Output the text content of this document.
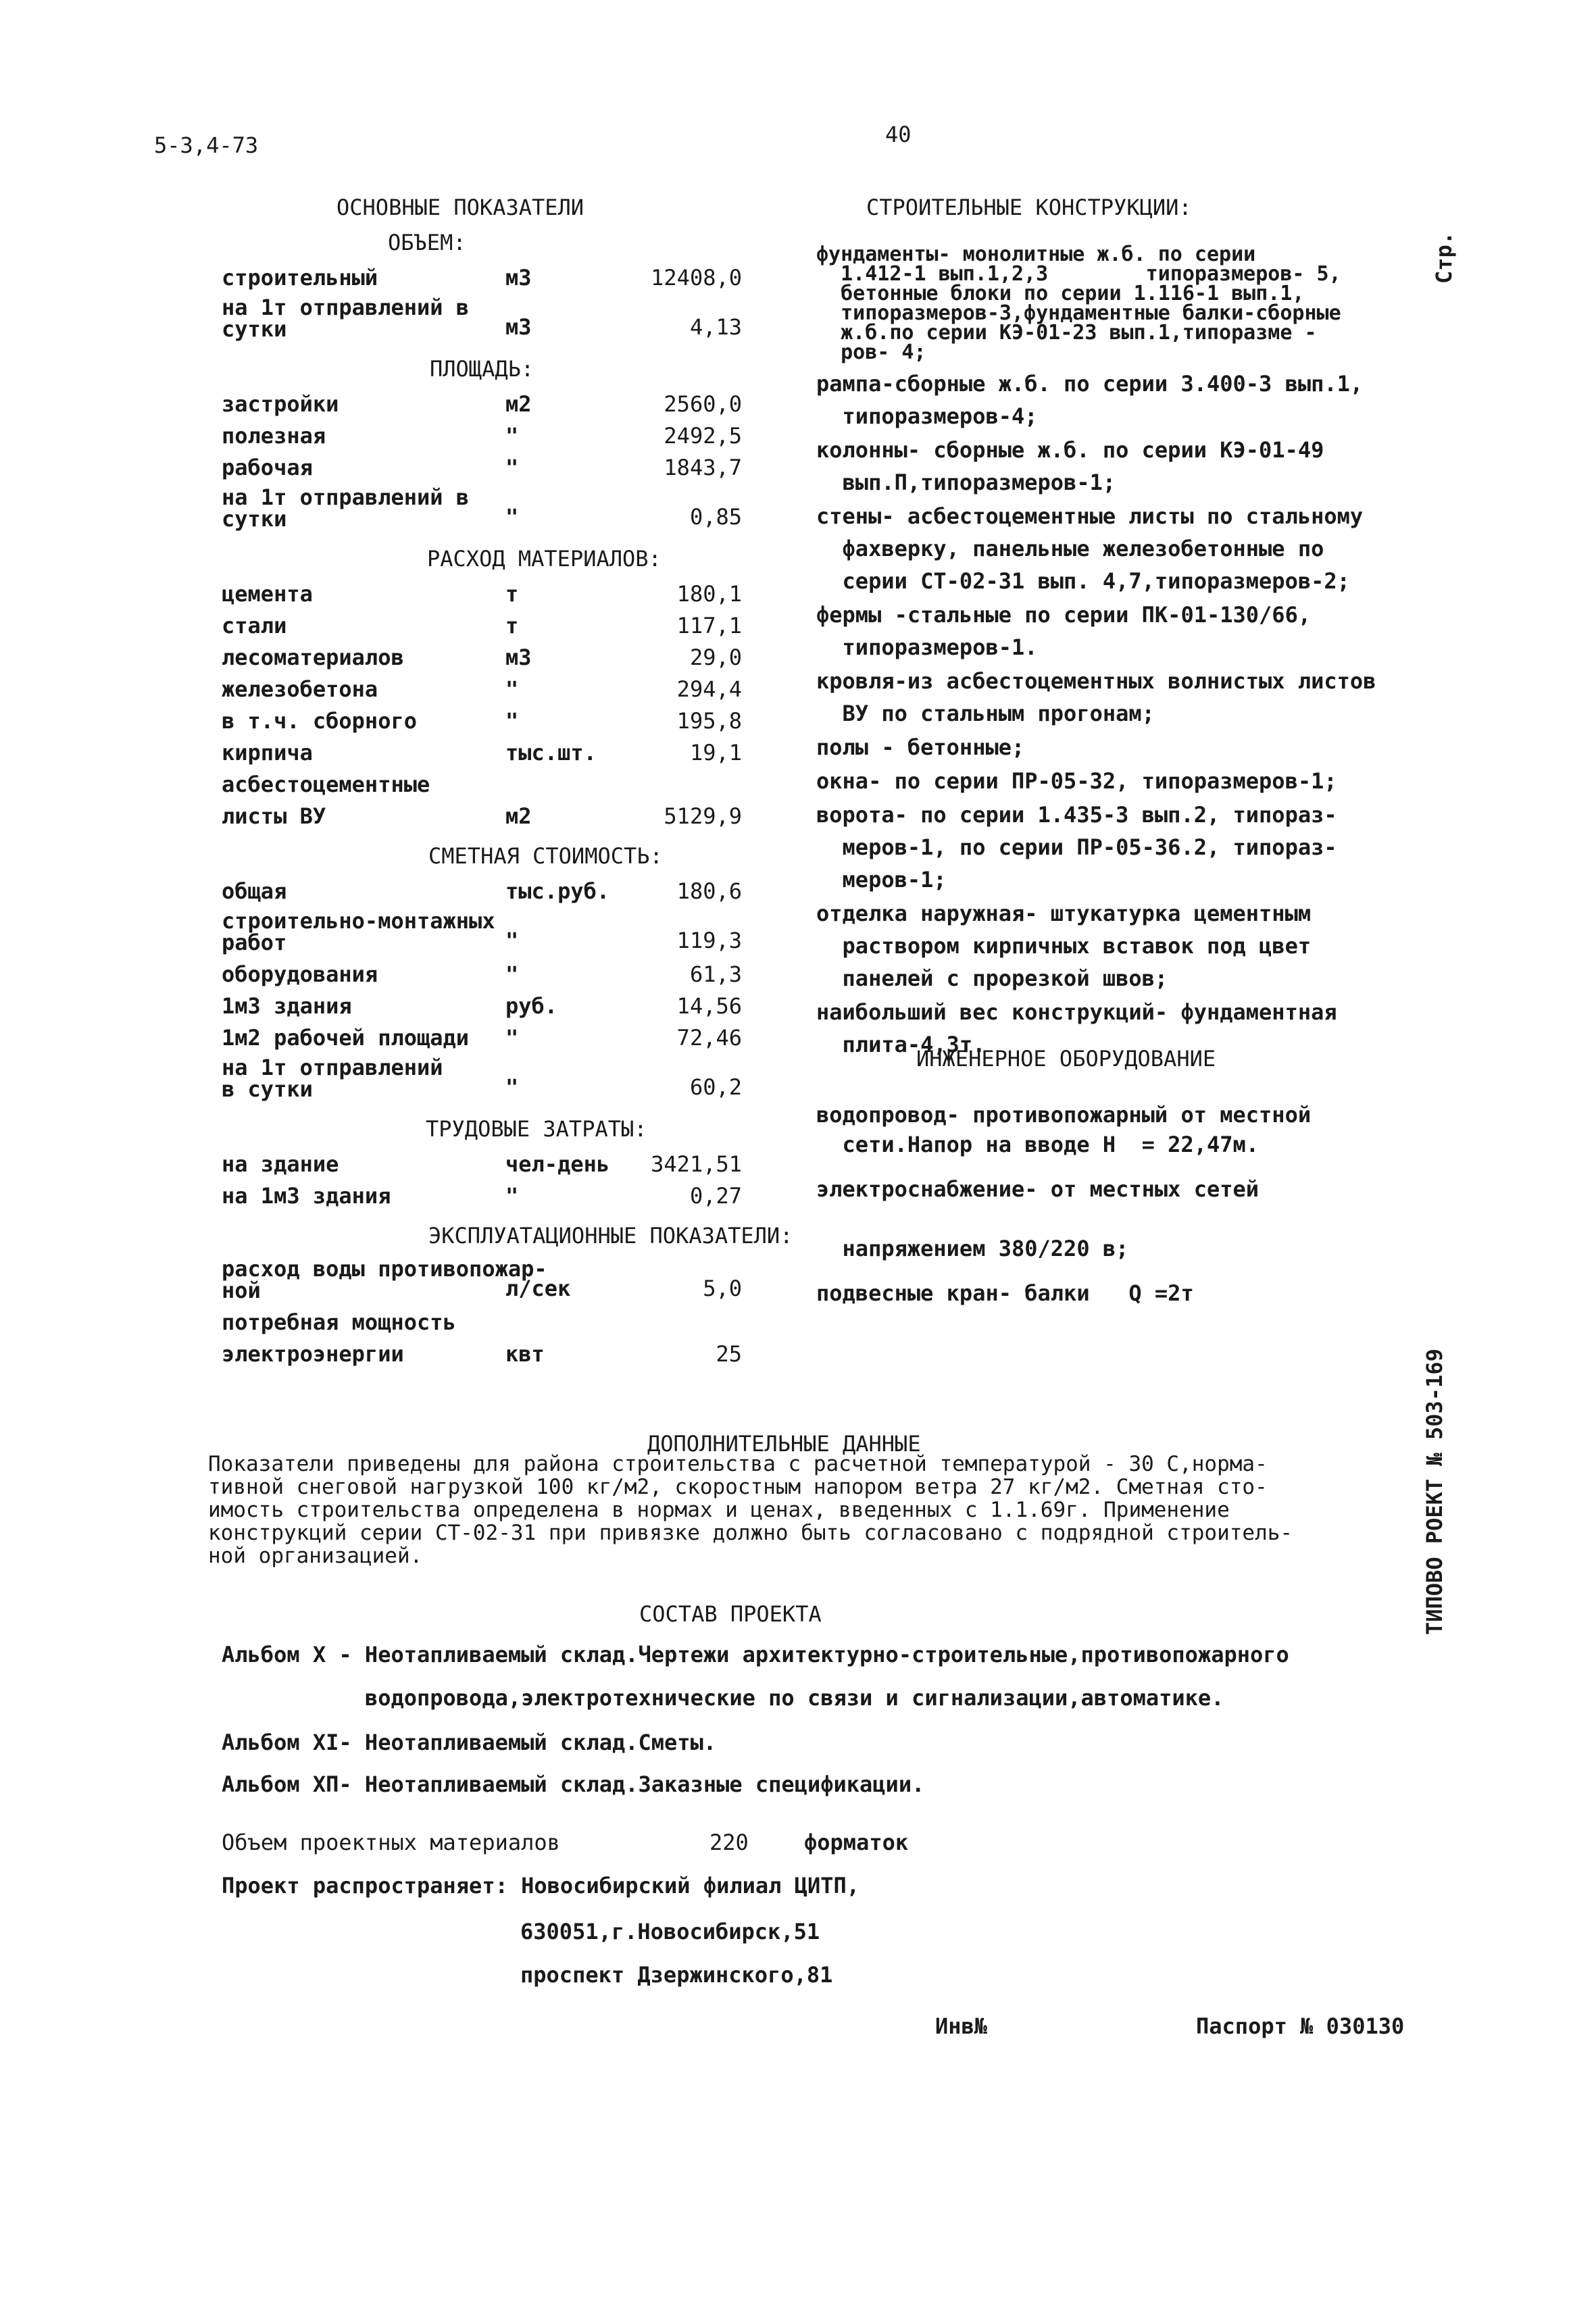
5-3,4-73	40
ОСНОВНЫЕ ПОКАЗАТЕЛИ
ОБЪЕМ:
строительный	м3	12408,0
на 1т отправлений в
сутки	м3	4,13
ПЛОЩАДЬ:
застройки	м2	2560,0
полезная	"	2492,5
рабочая	"	1843,7
на 1т отправлений в
сутки	"	0,85
РАСХОД МАТЕРИАЛОВ:
цемента	т	180,1
стали	т	117,1
лесоматериалов	м3	29,0
железобетона	"	294,4
в т.ч. сборного	"	195,8
кирпича	тыс.шт.	19,1
асбестоцементные
листы ВУ	м2	5129,9
СМЕТНАЯ СТОИМОСТЬ:
общая	тыс.руб.	180,6
строительно-монтажных
работ	"	119,3
оборудования	"	61,3
1м3 здания	руб.	14,56
1м2 рабочей площади "	72,46
на 1т отправлений
в сутки	"	60,2
ТРУДОВЫЕ ЗАТРАТЫ:
на здание	чел-день 3421,51
на 1м3 здания	"	0,27
ЭКСПЛУАТАЦИОННЫЕ ПОКАЗАТЕЛИ:
расход воды противопожар-
ной	л/сек	5,0
потребная мощность
электроэнергии	квт	25
СТРОИТЕЛЬНЫЕ КОНСТРУКЦИИ:
фундаменты- монолитные ж.б. по серии
1.412-1 вып.1,2,3        типоразмеров- 5,
бетонные блоки по серии 1.116-1 вып.1,
типоразмеров-3,фундаментные балки-сборные
ж.б.по серии КЭ-01-23 вып.1,типоразме -
ров- 4;
рампа-сборные ж.б. по серии 3.400-3 вып.1,
типоразмеров-4;
колонны- сборные ж.б. по серии КЭ-01-49
вып.П,типоразмеров-1;
стены- асбестоцементные листы по стальному
фахверку, панельные железобетонные по
серии СТ-02-31 вып. 4,7,типоразмеров-2;
фермы -стальные по серии ПК-01-130/66,
типоразмеров-1.
кровля-из асбестоцементных волнистых листов
ВУ по стальным прогонам;
полы - бетонные;
окна- по серии ПР-05-32, типоразмеров-1;
ворота- по серии 1.435-3 вып.2, типораз-
меров-1, по серии ПР-05-36.2, типораз-
меров-1;
отделка наружная- штукатурка цементным
раствором кирпичных вставок под цвет
панелей с прорезкой швов;
наибольший вес конструкций- фундаментная
плита-4,3т.
ИНЖЕНЕРНОЕ ОБОРУДОВАНИЕ
водопровод- противопожарный от местной
сети.Напор на вводе Н  = 22,47м.
электроснабжение- от местных сетей

напряжением 380/220 в;
подвесные кран- балки   Q =2т
Стр.
ТИПОВО РОЕКТ № 503-169
ДОПОЛНИТЕЛЬНЫЕ ДАННЫЕ
Показатели приведены для района строительства с расчетной температурой - 30 С,норма-
тивной снеговой нагрузкой 100 кг/м2, скоростным напором ветра 27 кг/м2. Сметная сто-
имость строительства определена в нормах и ценах, введенных с 1.1.69г. Применение
конструкций серии СТ-02-31 при привязке должно быть согласовано с подрядной строитель-
ной организацией.
СОСТАВ ПРОЕКТА
Альбом Х - Неотапливаемый склад.Чертежи архитектурно-строительные,противопожарного
водопровода,электротехнические по связи и сигнализации,автоматике.
Альбом XI- Неотапливаемый склад.Сметы.
Альбом ХП- Неотапливаемый склад.Заказные спецификации.
Объем проектных материалов	220	форматок
Проект распространяет: Новосибирский филиал ЦИТП,
630051,г.Новосибирск,51
проспект Дзержинского,81
Инв№	Паспорт № 030130
